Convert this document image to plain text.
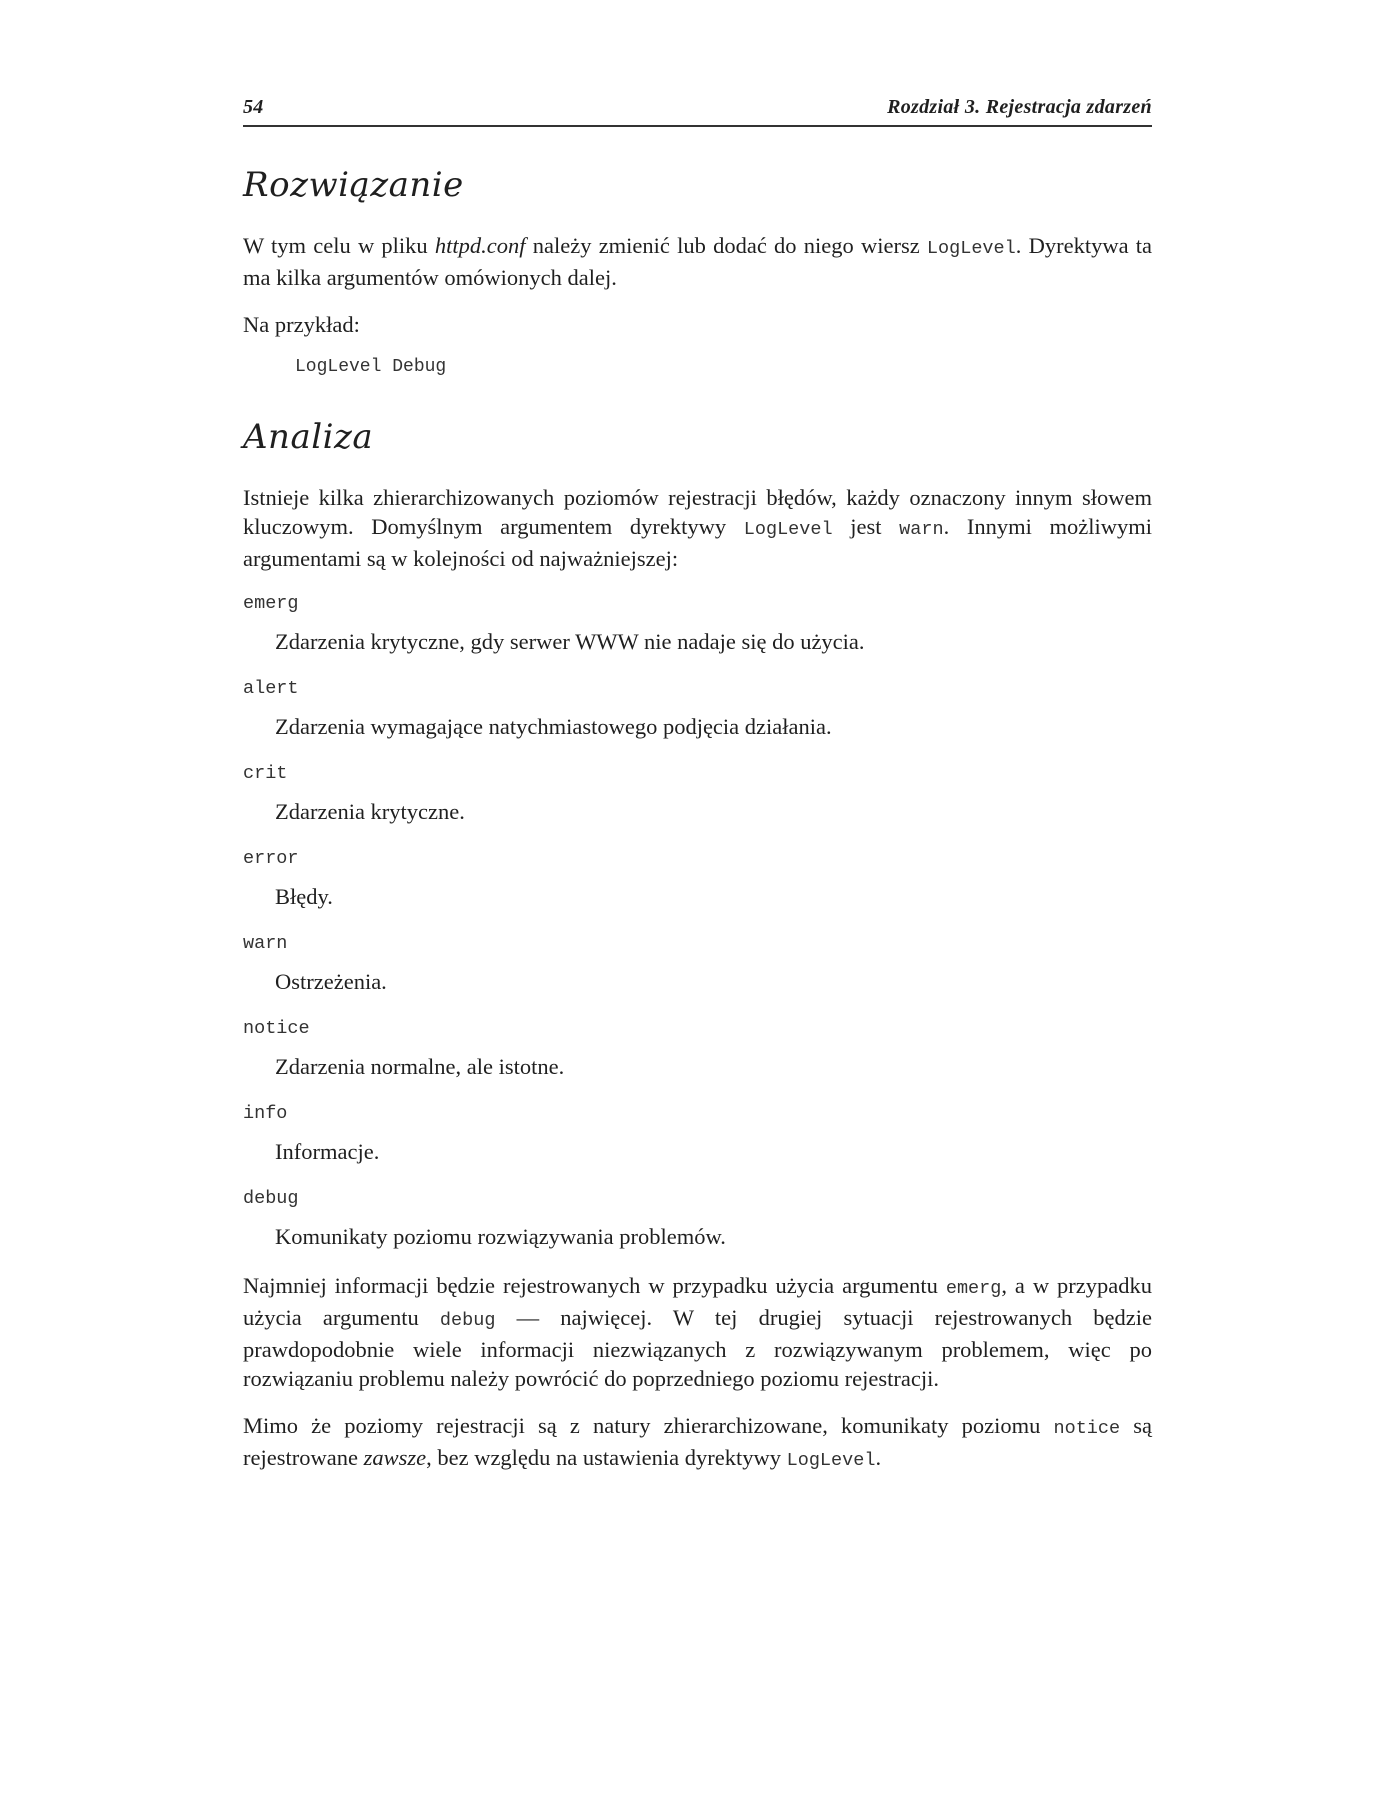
54	Rozdział 3. Rejestracja zdarzeń
Rozwiązanie

W tym celu w pliku httpd.conf należy zmienić lub dodać do niego wiersz LogLevel. Dyrektywa ta ma kilka argumentów omówionych dalej.

Na przykład:

LogLevel Debug
Analiza

Istnieje kilka zhierarchizowanych poziomów rejestracji błędów, każdy oznaczony innym słowem kluczowym. Domyślnym argumentem dyrektywy LogLevel jest warn. Innymi możliwymi argumentami są w kolejności od najważniejszej:

emerg
Zdarzenia krytyczne, gdy serwer WWW nie nadaje się do użycia.
alert
Zdarzenia wymagające natychmiastowego podjęcia działania.
crit
Zdarzenia krytyczne.
error
Błędy.
warn
Ostrzeżenia.
notice
Zdarzenia normalne, ale istotne.
info
Informacje.
debug
Komunikaty poziomu rozwiązywania problemów.

Najmniej informacji będzie rejestrowanych w przypadku użycia argumentu emerg, a w przypadku użycia argumentu debug — najwięcej. W tej drugiej sytuacji rejestrowanych będzie prawdopodobnie wiele informacji niezwiązanych z rozwiązywanym problemem, więc po rozwiązaniu problemu należy powrócić do poprzedniego poziomu rejestracji.

Mimo że poziomy rejestracji są z natury zhierarchizowane, komunikaty poziomu notice są rejestrowane zawsze, bez względu na ustawienia dyrektywy LogLevel.
